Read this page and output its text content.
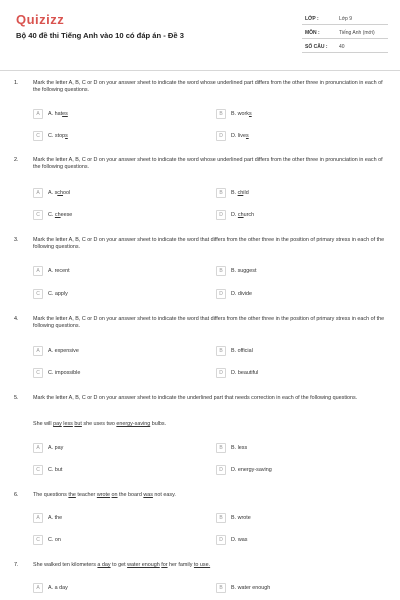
Quizizz
Bộ 40 đề thi Tiếng Anh vào 10 có đáp án - Đề 3
LỚP :	Lớp 9
MÔN :	Tiếng Anh (mới)
SỐ CÂU : 40
1.	Mark the letter A, B, C or D on your answer sheet to indicate the word whose underlined part differs from the other three in pronunciation in each of the following questions.
A	A. hates	B	B. works
C	C. stops	D	D. lives
2.	Mark the letter A, B, C or D on your answer sheet to indicate the word whose underlined part differs from the other three in pronunciation in each of the following questions.
A	A. school	B	B. child
C	C. cheese	D	D. church
3.	Mark the letter A, B, C or D on your answer sheet to indicate the word that differs from the other three in the position of primary stress in each of the following questions.
A	A. recent	B	B. suggest
C	C. apply	D	D. divide
4.	Mark the letter A, B, C or D on your answer sheet to indicate the word that differs from the other three in the position of primary stress in each of the following questions.
A	A. expensive	B	B. official
C	C. impossible	D	D. beautiful
5.	Mark the letter A, B, C or D on your answer sheet to indicate the underlined part that needs correction in each of the following questions.
She will pay less but she uses two energy-saving bulbs.
A	A. pay	B	B. less
C	C. but	D	D. energy-saving
6.	The questions the teacher wrote on the board was not easy.
A	A. the	B	B. wrote
C	C. on	D	D. was
7.	She walked ten kilometers a day to get water enough for her family to use.
A	A. a day	B	B. water enough
